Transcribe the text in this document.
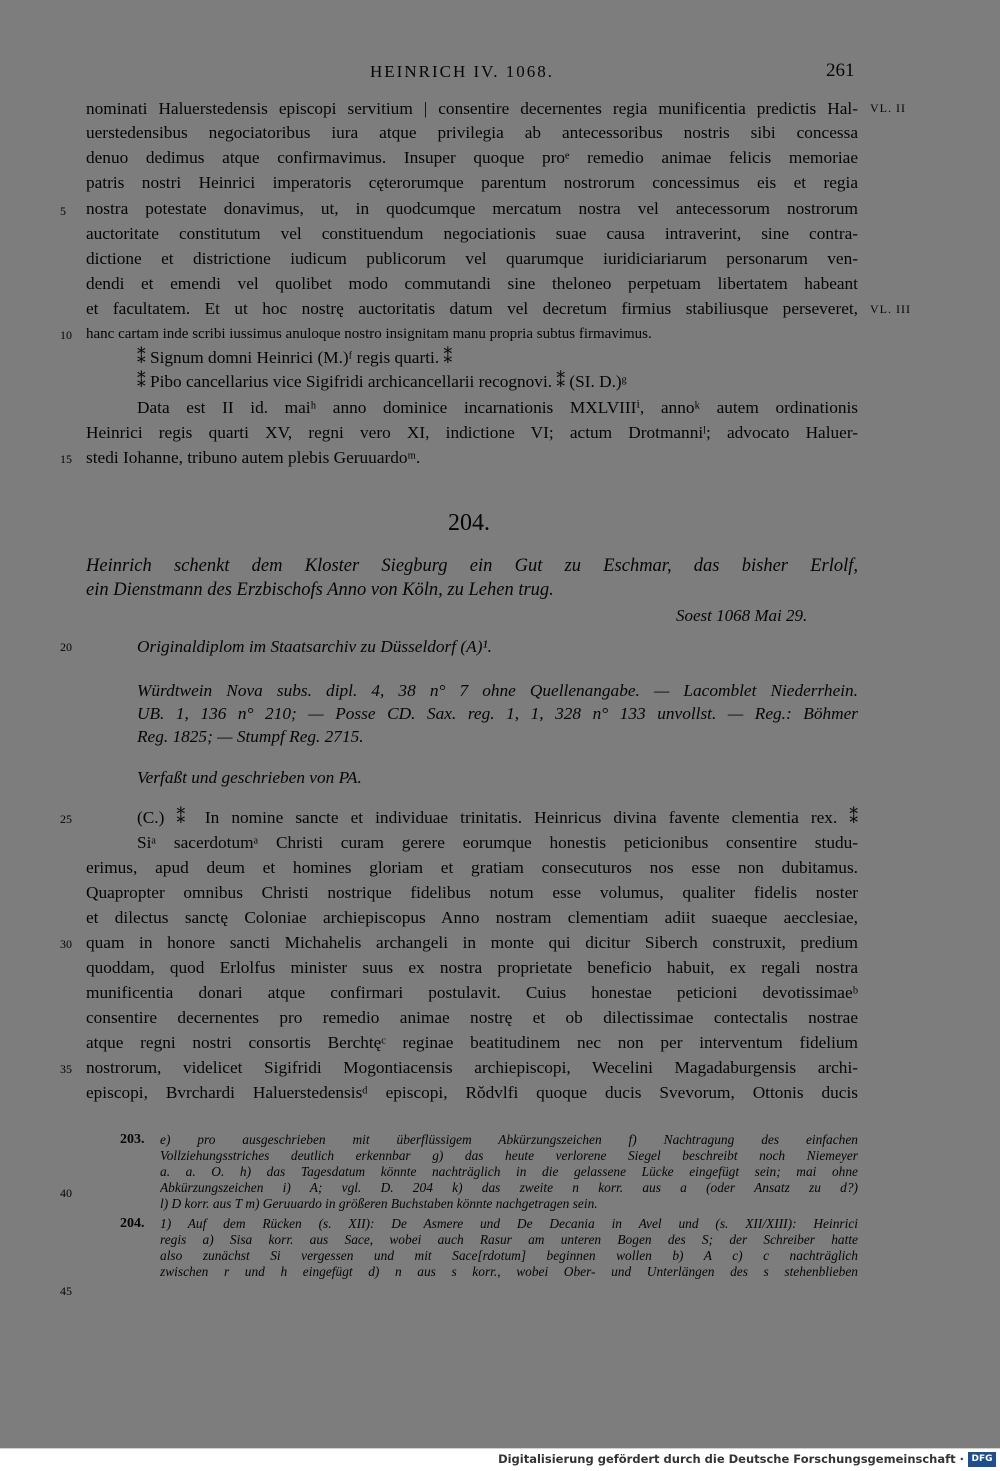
HEINRICH IV. 1068.	261
nominati Haluerstedensis episcopi servitium | consentire decernentes regia munificentia predictis Hal-
uerstedensibus negociatoribus iura atque privilegia ab antecessoribus nostris sibi concessa
denuo dedimus atque confirmavimus. Insuper quoque proᵉ remedio animae felicis memoriae
patris nostri Heinrici imperatoris cęterorumque parentum nostrorum concessimus eis et regia
nostra potestate donavimus, ut, in quodcumque mercatum nostra vel antecessorum nostrorum
auctoritate constitutum vel constituendum negociationis suae causa intraverint, sine contra-
dictione et districtione iudicum publicorum vel quarumque iuridiciariarum personarum ven-
dendi et emendi vel quolibet modo commutandi sine theloneo perpetuam libertatem habeant
et facultatem. Et ut hoc nostrę auctoritatis datum vel decretum firmius stabiliusque perseveret,
hanc cartam inde scribi iussimus anuloque nostro insignitam manu propria subtus firmavimus.
⁑ Signum domni Heinrici (M.)ᶠ regis quarti. ⁑
⁑ Pibo cancellarius vice Sigifridi archicancellarii recognovi. ⁑ (SI. D.)ᵍ
Data est II id. maiʰ anno dominice incarnationis MXLVIIIⁱ, annoᵏ autem ordinationis
Heinrici regis quarti XV, regni vero XI, indictione VI; actum Drotmanniˡ; advocato Haluer-
stedi Iohanne, tribuno autem plebis Geruuardoᵐ.
VL. II
VL. III
5
10
15
20
25
30
35
40
45
204.
Heinrich schenkt dem Kloster Siegburg ein Gut zu Eschmar, das bisher Erlolf,
ein Dienstmann des Erzbischofs Anno von Köln, zu Lehen trug.
Soest 1068 Mai 29.
Originaldiplom im Staatsarchiv zu Düsseldorf (A)¹.
Würdtwein Nova subs. dipl. 4, 38 n° 7 ohne Quellenangabe. — Lacomblet Niederrhein.
UB. 1, 136 n° 210; — Posse CD. Sax. reg. 1, 1, 328 n° 133 unvollst. — Reg.: Böhmer
Reg. 1825; — Stumpf Reg. 2715.
Verfaßt und geschrieben von PA.
(C.) ⁑ In nomine sancte et individuae trinitatis. Heinricus divina favente clementia rex. ⁑
Siᵃ sacerdotumᵃ Christi curam gerere eorumque honestis peticionibus consentire studu-
erimus, apud deum et homines gloriam et gratiam consecuturos nos esse non dubitamus.
Quapropter omnibus Christi nostrique fidelibus notum esse volumus, qualiter fidelis noster
et dilectus sanctę Coloniae archiepiscopus Anno nostram clementiam adiit suaeque aecclesiae,
quam in honore sancti Michahelis archangeli in monte qui dicitur Siberch construxit, predium
quoddam, quod Erlolfus minister suus ex nostra proprietate beneficio habuit, ex regali nostra
munificentia donari atque confirmari postulavit. Cuius honestae peticioni devotissimaeᵇ
consentire decernentes pro remedio animae nostrę et ob dilectissimae contectalis nostrae
atque regni nostri consortis Berchtęᶜ reginae beatitudinem nec non per interventum fidelium
nostrorum, videlicet Sigifridi Mogontiacensis archiepiscopi, Wecelini Magadaburgensis archi-
episcopi, Bvrchardi Haluerstedensisᵈ episcopi, Rǒdvlfi quoque ducis Svevorum, Ottonis ducis
203. e) pro ausgeschrieben mit überflüssigem Abkürzungszeichen f) Nachtragung des einfachen
Vollziehungsstriches deutlich erkennbar g) das heute verlorene Siegel beschreibt noch Niemeyer
a. a. O. h) das Tagesdatum könnte nachträglich in die gelassene Lücke eingefügt sein; mai ohne
Abkürzungszeichen i) A; vgl. D. 204 k) das zweite n korr. aus a (oder Ansatz zu d?)
l) D korr. aus T m) Geruuardo in größeren Buchstaben könnte nachgetragen sein.
204. 1) Auf dem Rücken (s. XII): De Asmere und De Decania in Avel und (s. XII/XIII): Heinrici
regis a) Sisa korr. aus Sace, wobei auch Rasur am unteren Bogen des S; der Schreiber hatte
also zunächst Si vergessen und mit Sace[rdotum] beginnen wollen b) A c) c nachträglich
zwischen r und h eingefügt d) n aus s korr., wobei Ober- und Unterlängen des s stehenblieben
Digitalisierung gefördert durch die Deutsche Forschungsgemeinschaft · DFG
